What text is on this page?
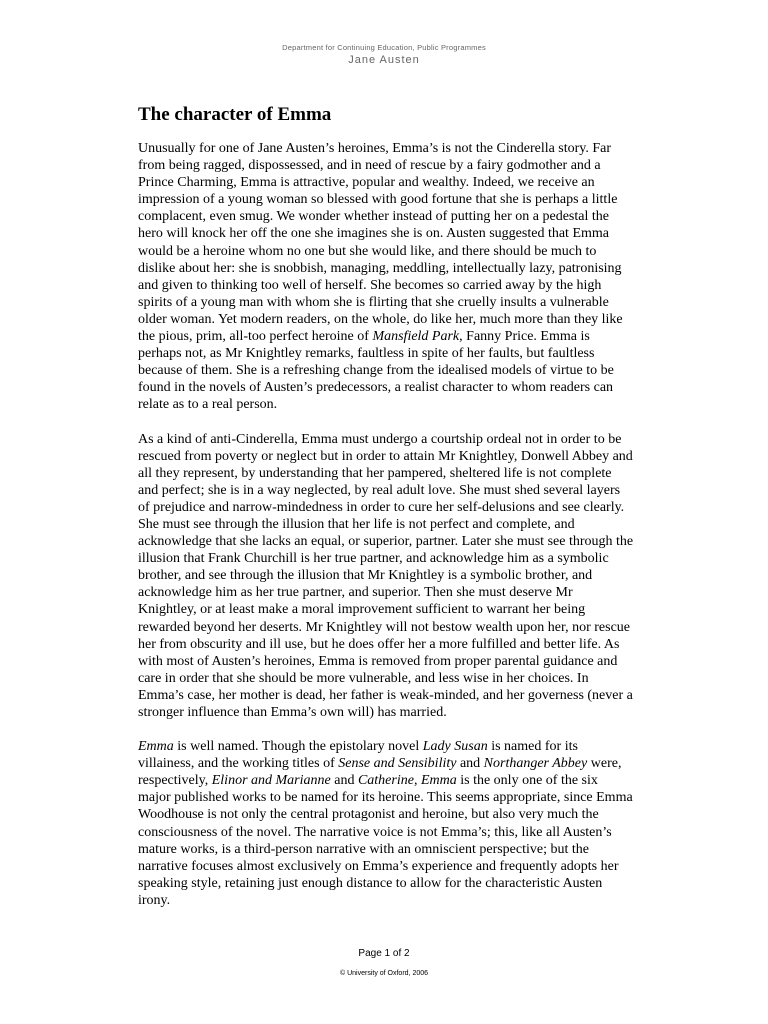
Department for Continuing Education, Public Programmes
Jane Austen
The character of Emma

Unusually for one of Jane Austen’s heroines, Emma’s is not the Cinderella story. Far from being ragged, dispossessed, and in need of rescue by a fairy godmother and a Prince Charming, Emma is attractive, popular and wealthy. Indeed, we receive an impression of a young woman so blessed with good fortune that she is perhaps a little complacent, even smug. We wonder whether instead of putting her on a pedestal the hero will knock her off the one she imagines she is on. Austen suggested that Emma would be a heroine whom no one but she would like, and there should be much to dislike about her: she is snobbish, managing, meddling, intellectually lazy, patronising and given to thinking too well of herself. She becomes so carried away by the high spirits of a young man with whom she is flirting that she cruelly insults a vulnerable older woman. Yet modern readers, on the whole, do like her, much more than they like the pious, prim, all-too perfect heroine of Mansfield Park, Fanny Price. Emma is perhaps not, as Mr Knightley remarks, faultless in spite of her faults, but faultless because of them. She is a refreshing change from the idealised models of virtue to be found in the novels of Austen’s predecessors, a realist character to whom readers can relate as to a real person.

As a kind of anti-Cinderella, Emma must undergo a courtship ordeal not in order to be rescued from poverty or neglect but in order to attain Mr Knightley, Donwell Abbey and all they represent, by understanding that her pampered, sheltered life is not complete and perfect; she is in a way neglected, by real adult love. She must shed several layers of prejudice and narrow-mindedness in order to cure her self-delusions and see clearly. She must see through the illusion that her life is not perfect and complete, and acknowledge that she lacks an equal, or superior, partner. Later she must see through the illusion that Frank Churchill is her true partner, and acknowledge him as a symbolic brother, and see through the illusion that Mr Knightley is a symbolic brother, and acknowledge him as her true partner, and superior. Then she must deserve Mr Knightley, or at least make a moral improvement sufficient to warrant her being rewarded beyond her deserts. Mr Knightley will not bestow wealth upon her, nor rescue her from obscurity and ill use, but he does offer her a more fulfilled and better life. As with most of Austen’s heroines, Emma is removed from proper parental guidance and care in order that she should be more vulnerable, and less wise in her choices. In Emma’s case, her mother is dead, her father is weak-minded, and her governess (never a stronger influence than Emma’s own will) has married.

Emma is well named. Though the epistolary novel Lady Susan is named for its villainess, and the working titles of Sense and Sensibility and Northanger Abbey were, respectively, Elinor and Marianne and Catherine, Emma is the only one of the six major published works to be named for its heroine. This seems appropriate, since Emma Woodhouse is not only the central protagonist and heroine, but also very much the consciousness of the novel. The narrative voice is not Emma’s; this, like all Austen’s mature works, is a third-person narrative with an omniscient perspective; but the narrative focuses almost exclusively on Emma’s experience and frequently adopts her speaking style, retaining just enough distance to allow for the characteristic Austen irony.

Page 1 of 2
© University of Oxford, 2006
